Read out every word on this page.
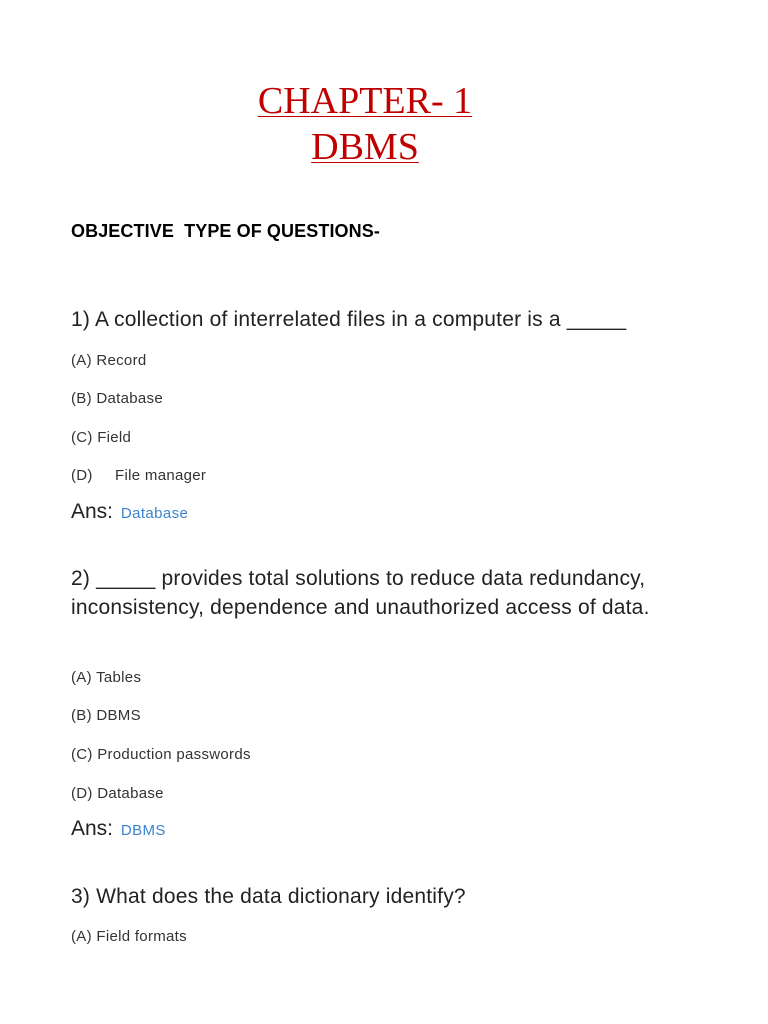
CHAPTER- 1
DBMS
OBJECTIVE  TYPE OF QUESTIONS-
1) A collection of interrelated files in a computer is a _____
(A) Record
(B) Database
(C) Field
(D)     File manager
Ans: Database
2) _____ provides total solutions to reduce data redundancy, inconsistency, dependence and unauthorized access of data.
(A) Tables
(B) DBMS
(C) Production passwords
(D) Database
Ans: DBMS
3) What does the data dictionary identify?
(A) Field formats
